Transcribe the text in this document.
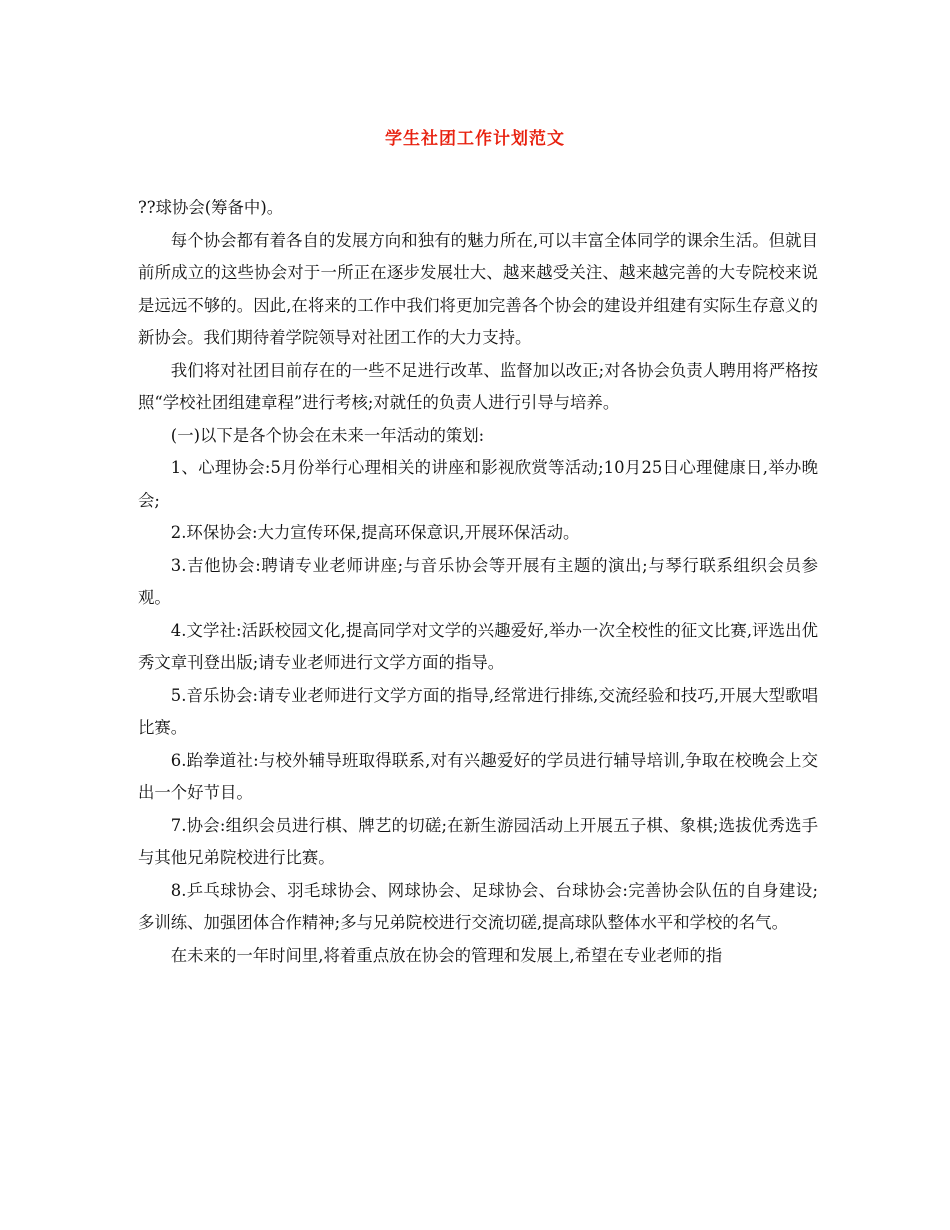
学生社团工作计划范文

??球协会(筹备中)。

每个协会都有着各自的发展方向和独有的魅力所在,可以丰富全体同学的课余生活。但就目前所成立的这些协会对于一所正在逐步发展壮大、越来越受关注、越来越完善的大专院校来说是远远不够的。因此,在将来的工作中我们将更加完善各个协会的建设并组建有实际生存意义的新协会。我们期待着学院领导对社团工作的大力支持。

我们将对社团目前存在的一些不足进行改革、监督加以改正;对各协会负责人聘用将严格按照“学校社团组建章程”进行考核;对就任的负责人进行引导与培养。

(一)以下是各个协会在未来一年活动的策划:

1、心理协会:5月份举行心理相关的讲座和影视欣赏等活动;10月25日心理健康日,举办晚会;

2.环保协会:大力宣传环保,提高环保意识,开展环保活动。

3.吉他协会:聘请专业老师讲座;与音乐协会等开展有主题的演出;与琴行联系组织会员参观。

4.文学社:活跃校园文化,提高同学对文学的兴趣爱好,举办一次全校性的征文比赛,评选出优秀文章刊登出版;请专业老师进行文学方面的指导。

5.音乐协会:请专业老师进行文学方面的指导,经常进行排练,交流经验和技巧,开展大型歌唱比赛。

6.跆拳道社:与校外辅导班取得联系,对有兴趣爱好的学员进行辅导培训,争取在校晚会上交出一个好节目。

7.协会:组织会员进行棋、牌艺的切磋;在新生游园活动上开展五子棋、象棋;选拔优秀选手与其他兄弟院校进行比赛。

8.乒乓球协会、羽毛球协会、网球协会、足球协会、台球协会:完善协会队伍的自身建设;多训练、加强团体合作精神;多与兄弟院校进行交流切磋,提高球队整体水平和学校的名气。

在未来的一年时间里,将着重点放在协会的管理和发展上,希望在专业老师的指
